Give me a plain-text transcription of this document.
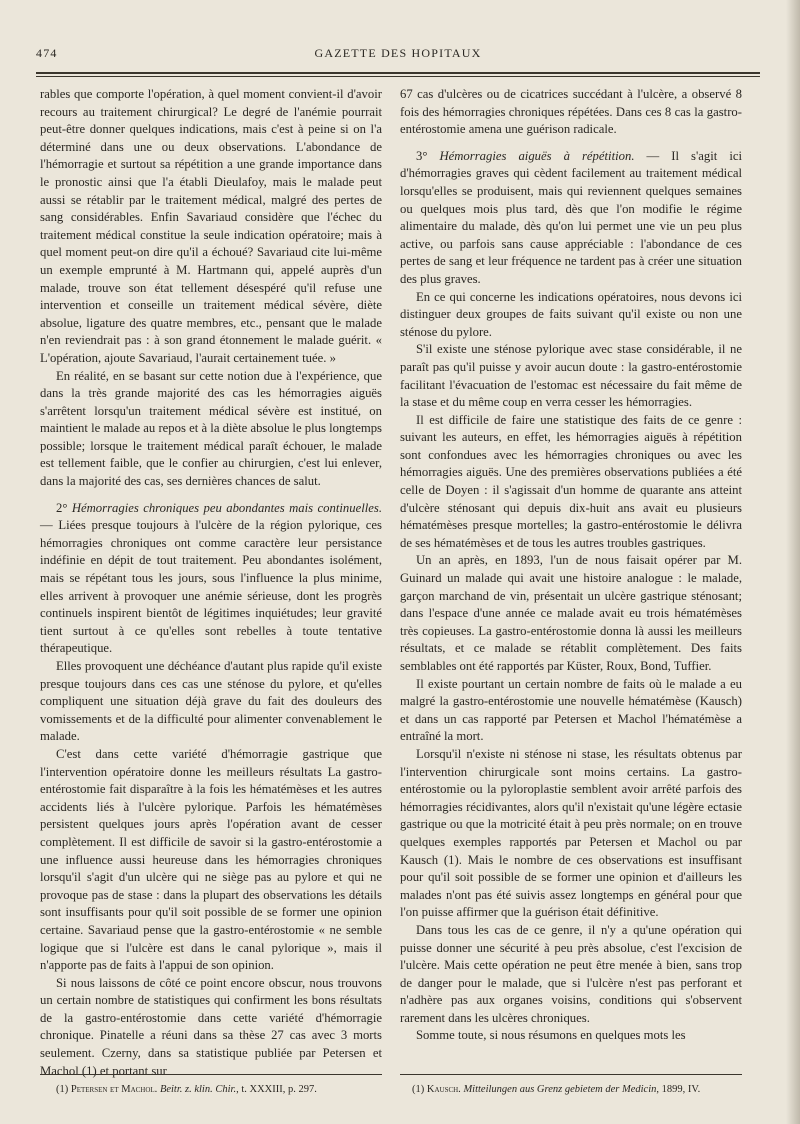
474	GAZETTE DES HOPITAUX

rables que comporte l'opération, à quel moment convient-il d'avoir recours au traitement chirurgical? Le degré de l'anémie pourrait peut-être donner quelques indications, mais c'est à peine si on l'a déterminé dans une ou deux observations. L'abondance de l'hémorragie et surtout sa répétition a une grande importance dans le pronostic ainsi que l'a établi Dieulafoy, mais le malade peut aussi se rétablir par le traitement médical, malgré des pertes de sang considérables. Enfin Savariaud considère que l'échec du traitement médical constitue la seule indication opératoire; mais à quel moment peut-on dire qu'il a échoué? Savariaud cite lui-même un exemple emprunté à M. Hartmann qui, appelé auprès d'un malade, trouve son état tellement désespéré qu'il refuse une intervention et conseille un traitement médical sévère, diète absolue, ligature des quatre membres, etc., pensant que le malade n'en reviendrait pas : à son grand étonnement le malade guérit. « L'opération, ajoute Savariaud, l'aurait certainement tuée. »

En réalité, en se basant sur cette notion due à l'expérience, que dans la très grande majorité des cas les hémorragies aiguës s'arrêtent lorsqu'un traitement médical sévère est institué, on maintient le malade au repos et à la diète absolue le plus longtemps possible; lorsque le traitement médical paraît échouer, le malade est tellement faible, que le confier au chirurgien, c'est lui enlever, dans la majorité des cas, ses dernières chances de salut.

2° Hémorragies chroniques peu abondantes mais continuelles. — Liées presque toujours à l'ulcère de la région pylorique, ces hémorragies chroniques ont comme caractère leur persistance indéfinie en dépit de tout traitement. Peu abondantes isolément, mais se répétant tous les jours, sous l'influence la plus minime, elles arrivent à provoquer une anémie sérieuse, dont les progrès continuels inspirent bientôt de légitimes inquiétudes; leur gravité tient surtout à ce qu'elles sont rebelles à toute tentative thérapeutique.

Elles provoquent une déchéance d'autant plus rapide qu'il existe presque toujours dans ces cas une sténose du pylore, et qu'elles compliquent une situation déjà grave du fait des douleurs des vomissements et de la difficulté pour alimenter convenablement le malade.

C'est dans cette variété d'hémorragie gastrique que l'intervention opératoire donne les meilleurs résultats La gastro-entérostomie fait disparaître à la fois les hématémèses et les autres accidents liés à l'ulcère pylorique. Parfois les hématémèses persistent quelques jours après l'opération avant de cesser complètement. Il est difficile de savoir si la gastro-entérostomie a une influence aussi heureuse dans les hémorragies chroniques lorsqu'il s'agit d'un ulcère qui ne siège pas au pylore et qui ne provoque pas de stase : dans la plupart des observations les détails sont insuffisants pour qu'il soit possible de se former une opinion certaine. Savariaud pense que la gastro-entérostomie « ne semble logique que si l'ulcère est dans le canal pylorique », mais il n'apporte pas de faits à l'appui de son opinion.

Si nous laissons de côté ce point encore obscur, nous trouvons un certain nombre de statistiques qui confirment les bons résultats de la gastro-entérostomie dans cette variété d'hémorragie chronique. Pinatelle a réuni dans sa thèse 27 cas avec 3 morts seulement. Czerny, dans sa statistique publiée par Petersen et Machol (1) et portant sur

67 cas d'ulcères ou de cicatrices succédant à l'ulcère, a observé 8 fois des hémorragies chroniques répétées. Dans ces 8 cas la gastro-entérostomie amena une guérison radicale.

3° Hémorragies aiguës à répétition. — Il s'agit ici d'hémorragies graves qui cèdent facilement au traitement médical lorsqu'elles se produisent, mais qui reviennent quelques semaines ou quelques mois plus tard, dès que l'on modifie le régime alimentaire du malade, dès qu'on lui permet une vie un peu plus active, ou parfois sans cause appréciable : l'abondance de ces pertes de sang et leur fréquence ne tardent pas à créer une situation des plus graves.

En ce qui concerne les indications opératoires, nous devons ici distinguer deux groupes de faits suivant qu'il existe ou non une sténose du pylore.

S'il existe une sténose pylorique avec stase considérable, il ne paraît pas qu'il puisse y avoir aucun doute : la gastro-entérostomie facilitant l'évacuation de l'estomac est nécessaire du fait même de la stase et du même coup en verra cesser les hémorragies.

Il est difficile de faire une statistique des faits de ce genre : suivant les auteurs, en effet, les hémorragies aiguës à répétition sont confondues avec les hémorragies chroniques ou avec les hémorragies aiguës. Une des premières observations publiées a été celle de Doyen : il s'agissait d'un homme de quarante ans atteint d'ulcère sténosant qui depuis dix-huit ans avait eu plusieurs hématémèses presque mortelles; la gastro-entérostomie le délivra de ses hématémèses et de tous les autres troubles gastriques.

Un an après, en 1893, l'un de nous faisait opérer par M. Guinard un malade qui avait une histoire analogue : le malade, garçon marchand de vin, présentait un ulcère gastrique sténosant; dans l'espace d'une année ce malade avait eu trois hématémèses très copieuses. La gastro-entérostomie donna là aussi les meilleurs résultats, et ce malade se rétablit complètement. Des faits semblables ont été rapportés par Küster, Roux, Bond, Tuffier.

Il existe pourtant un certain nombre de faits où le malade a eu malgré la gastro-entérostomie une nouvelle hématémèse (Kausch) et dans un cas rapporté par Petersen et Machol l'hématémèse a entraîné la mort.

Lorsqu'il n'existe ni sténose ni stase, les résultats obtenus par l'intervention chirurgicale sont moins certains. La gastro-entérostomie ou la pyloroplastie semblent avoir arrêté parfois des hémorragies récidivantes, alors qu'il n'existait qu'une légère ectasie gastrique ou que la motricité était à peu près normale; on en trouve quelques exemples rapportés par Petersen et Machol ou par Kausch (1). Mais le nombre de ces observations est insuffisant pour qu'il soit possible de se former une opinion et d'ailleurs les malades n'ont pas été suivis assez longtemps en général pour que l'on puisse affirmer que la guérison était définitive.

Dans tous les cas de ce genre, il n'y a qu'une opération qui puisse donner une sécurité à peu près absolue, c'est l'excision de l'ulcère. Mais cette opération ne peut être menée à bien, sans trop de danger pour le malade, que si l'ulcère n'est pas perforant et n'adhère pas aux organes voisins, conditions qui s'observent rarement dans les ulcères chroniques.

Somme toute, si nous résumons en quelques mots les

(1) Petersen et Machol. Beitr. z. klin. Chir., t. XXXIII, p. 297.	(1) Kausch. Mitteilungen aus Grenz gebietem der Medicin, 1899, IV.
